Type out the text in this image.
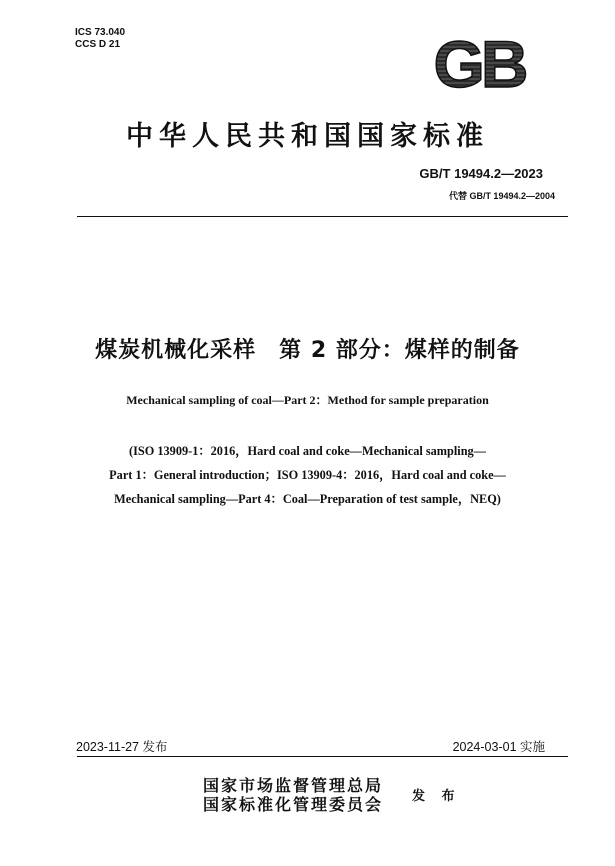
ICS 73.040
CCS D 21	GB
中华人民共和国国家标准
GB/T 19494.2—2023
代替 GB/T 19494.2—2004
煤炭机械化采样　第 2 部分：煤样的制备
Mechanical sampling of coal—Part 2：Method for sample preparation
(ISO 13909-1：2016，Hard coal and coke—Mechanical sampling—
Part 1：General introduction；ISO 13909-4：2016，Hard coal and coke—
Mechanical sampling—Part 4：Coal—Preparation of test sample，NEQ)
2023-11-27 发布	2024-03-01 实施
国家市场监督管理总局
国家标准化管理委员会 发 布
